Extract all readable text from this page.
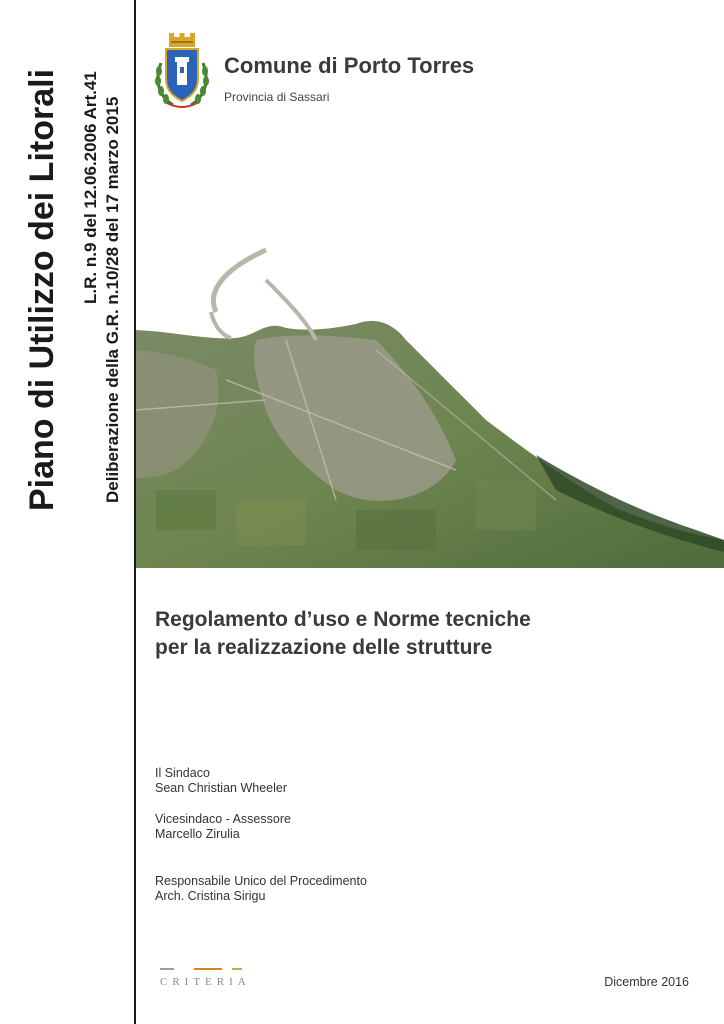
Piano di Utilizzo dei Litorali L.R. n.9 del 12.06.2006 Art.41 Deliberazione della G.R. n.10/28 del 17 marzo 2015
Comune di Porto Torres
Provincia di Sassari
Regolamento d’uso e Norme tecniche
per la realizzazione delle strutture
Il Sindaco
Sean Christian Wheeler
Vicesindaco - Assessore
Marcello Zirulia
Responsabile Unico del Procedimento
Arch. Cristina Sirigu
CRITERIA	Dicembre 2016
